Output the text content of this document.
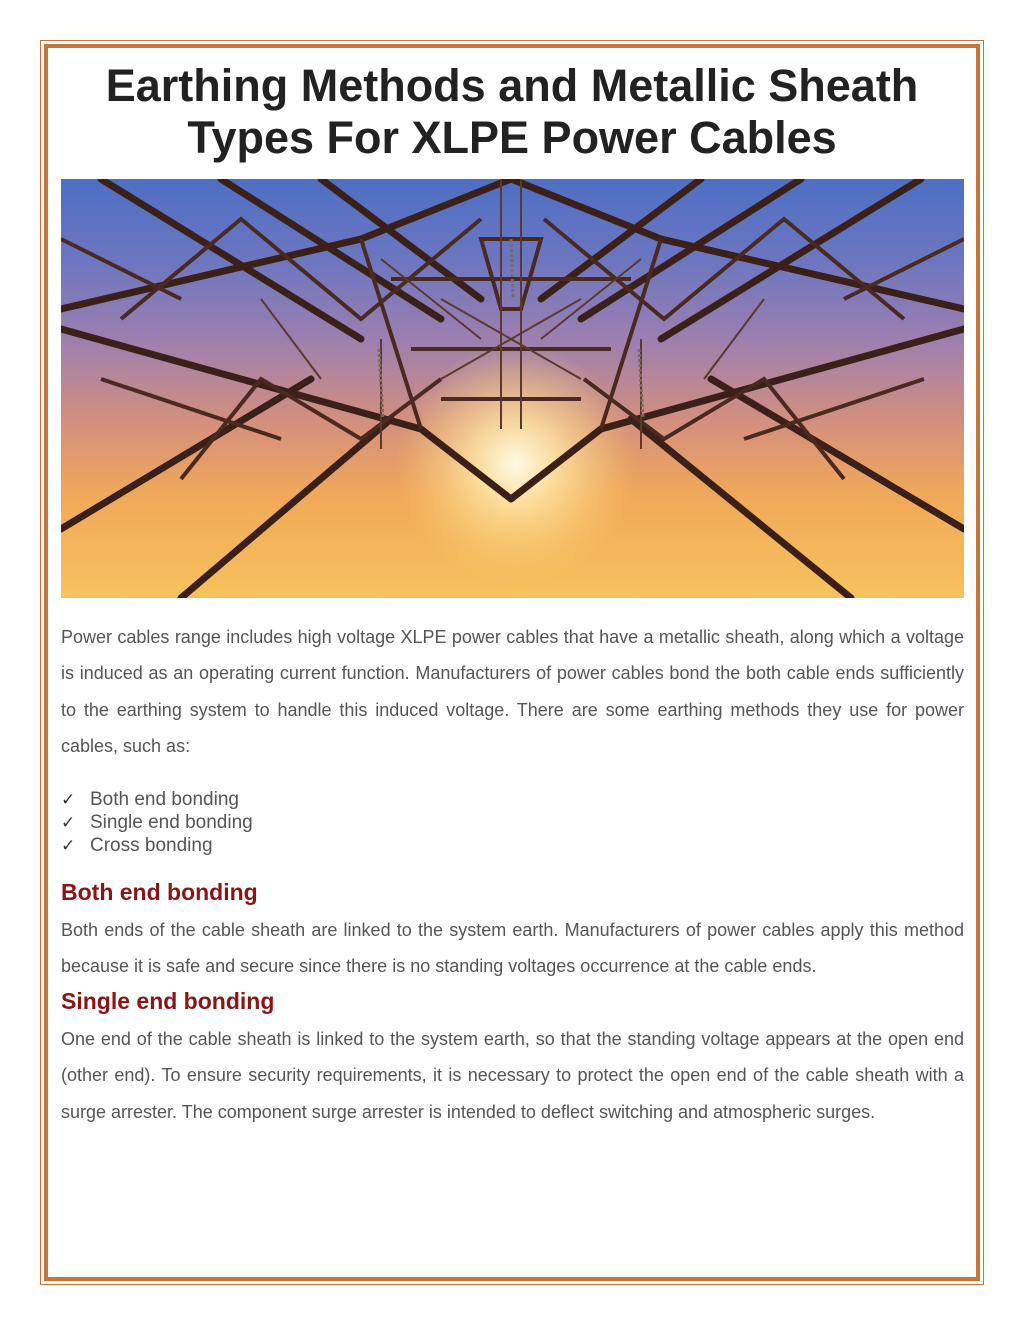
Earthing Methods and Metallic Sheath
Types For XLPE Power Cables

Power cables range includes high voltage XLPE power cables that have a metallic sheath, along which a voltage is induced as an operating current function. Manufacturers of power cables bond the both cable ends sufficiently to the earthing system to handle this induced voltage. There are some earthing methods they use for power cables, such as:

✓ Both end bonding
✓ Single end bonding
✓ Cross bonding
Both end bonding

Both ends of the cable sheath are linked to the system earth. Manufacturers of power cables apply this method because it is safe and secure since there is no standing voltages occurrence at the cable ends.

Single end bonding

One end of the cable sheath is linked to the system earth, so that the standing voltage appears at the open end (other end). To ensure security requirements, it is necessary to protect the open end of the cable sheath with a surge arrester. The component surge arrester is intended to deflect switching and atmospheric surges.
